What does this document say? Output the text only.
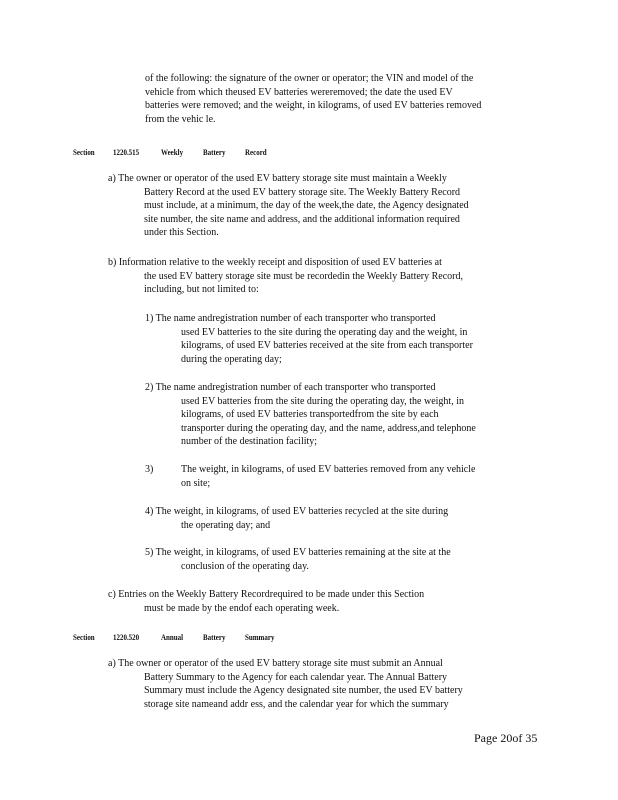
of the following: the signature of the owner or operator; the VIN and model of the
vehicle from which theused EV batteries wereremoved; the date the used EV
batteries were removed; and the weight, in kilograms, of used EV batteries removed
from the vehic le.
Section 1220.515	Weekly Battery Record
a) The owner or operator of the used EV battery storage site must maintain a Weekly
Battery Record at the used EV battery storage site. The Weekly Battery Record
must include, at a minimum, the day of the week,the date, the Agency designated
site number, the site name and address, and the additional information required
under this Section.
b) Information relative to the weekly receipt and disposition of used EV batteries at
the used EV battery storage site must be recordedin the Weekly Battery Record,
including, but not limited to:
1) The name andregistration number of each transporter who transported
used EV batteries to the site during the operating day and the weight, in
kilograms, of used EV batteries received at the site from each transporter
during the operating day;
2) The name andregistration number of each transporter who transported
used EV batteries from the site during the operating day, the weight, in
kilograms, of used EV batteries transportedfrom the site by each
transporter during the operating day, and the name, address,and telephone
number of the destination facility;
3)	The weight, in kilograms, of used EV batteries removed from any vehicle
on site;
4) The weight, in kilograms, of used EV batteries recycled at the site during
the operating day; and
5) The weight, in kilograms, of used EV batteries remaining at the site at the
conclusion of the operating day.
c) Entries on the Weekly Battery Recordrequired to be made under this Section
must be made by the endof each operating week.
Section 1220.520	Annual Battery Summary
a) The owner or operator of the used EV battery storage site must submit an Annual
Battery Summary to the Agency for each calendar year. The Annual Battery
Summary must include the Agency designated site number, the used EV battery
storage site nameand addr ess, and the calendar year for which the summary
Page 20of 35
